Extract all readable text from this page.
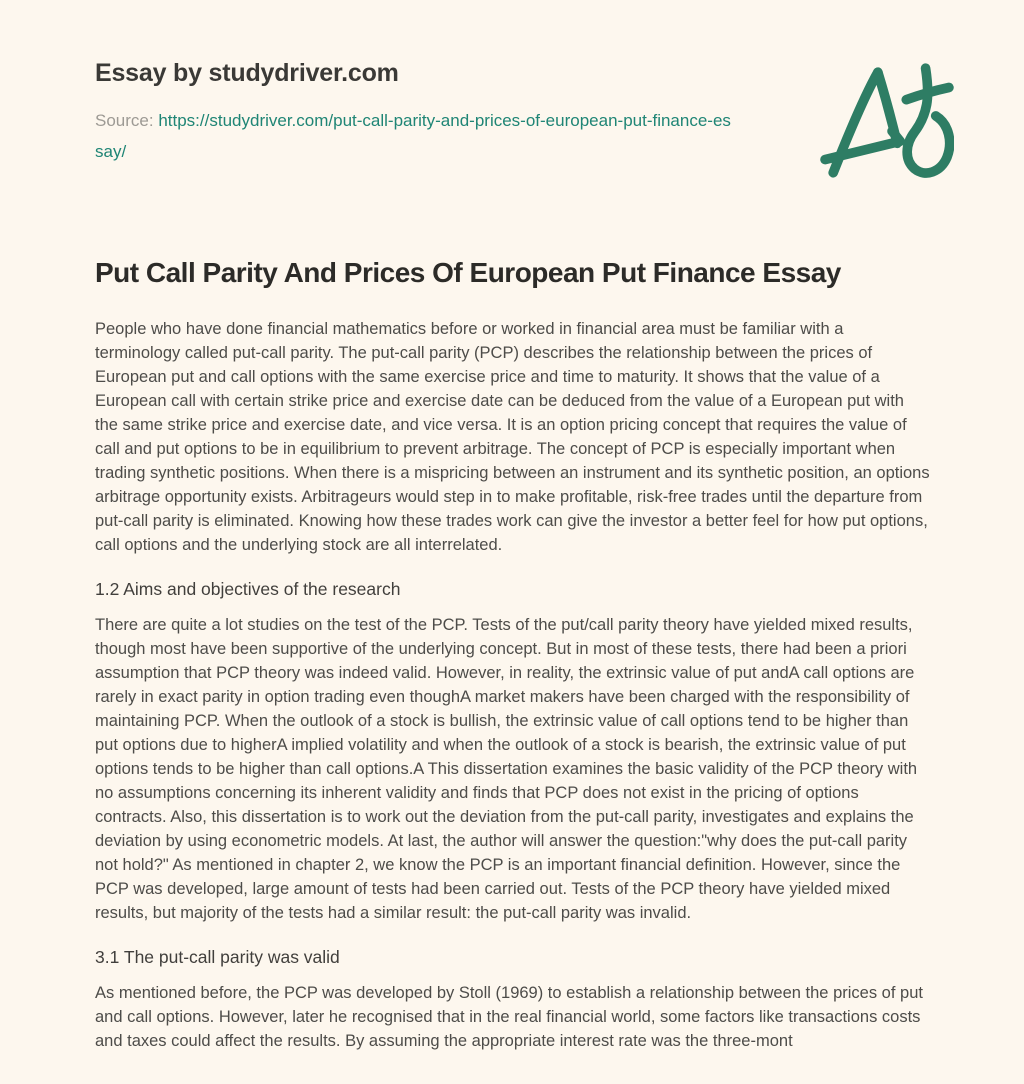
Essay by studydriver.com

Source: https://studydriver.com/put-call-parity-and-prices-of-european-put-finance-essay/

Put Call Parity And Prices Of European Put Finance Essay

People who have done financial mathematics before or worked in financial area must be familiar with a terminology called put-call parity. The put-call parity (PCP) describes the relationship between the prices of European put and call options with the same exercise price and time to maturity. It shows that the value of a European call with certain strike price and exercise date can be deduced from the value of a European put with the same strike price and exercise date, and vice versa. It is an option pricing concept that requires the value of call and put options to be in equilibrium to prevent arbitrage. The concept of PCP is especially important when trading synthetic positions. When there is a mispricing between an instrument and its synthetic position, an options arbitrage opportunity exists. Arbitrageurs would step in to make profitable, risk-free trades until the departure from put-call parity is eliminated. Knowing how these trades work can give the investor a better feel for how put options, call options and the underlying stock are all interrelated.

1.2 Aims and objectives of the research

There are quite a lot studies on the test of the PCP. Tests of the put/call parity theory have yielded mixed results, though most have been supportive of the underlying concept. But in most of these tests, there had been a priori assumption that PCP theory was indeed valid. However, in reality, the extrinsic value of put andA call options are rarely in exact parity in option trading even thoughA market makers have been charged with the responsibility of maintaining PCP. When the outlook of a stock is bullish, the extrinsic value of call options tend to be higher than put options due to higherA implied volatility and when the outlook of a stock is bearish, the extrinsic value of put options tends to be higher than call options.A This dissertation examines the basic validity of the PCP theory with no assumptions concerning its inherent validity and finds that PCP does not exist in the pricing of options contracts. Also, this dissertation is to work out the deviation from the put-call parity, investigates and explains the deviation by using econometric models. At last, the author will answer the question:"why does the put-call parity not hold?" As mentioned in chapter 2, we know the PCP is an important financial definition. However, since the PCP was developed, large amount of tests had been carried out. Tests of the PCP theory have yielded mixed results, but majority of the tests had a similar result: the put-call parity was invalid.

3.1 The put-call parity was valid

As mentioned before, the PCP was developed by Stoll (1969) to establish a relationship between the prices of put and call options. However, later he recognised that in the real financial world, some factors like transactions costs and taxes could affect the results. By assuming the appropriate interest rate was the three-mont
